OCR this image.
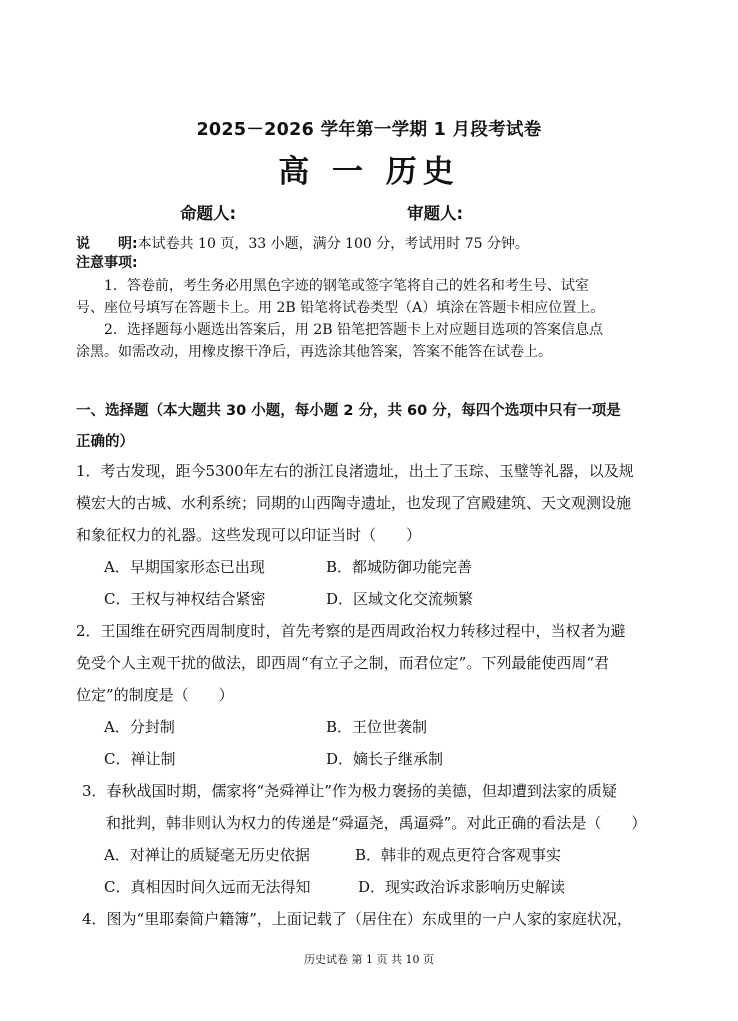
2025－2026 学年第一学期 1 月段考试卷
高 一 历史
命题人:	审题人:
说　　明:本试卷共 10 页，33 小题，满分 100 分，考试用时 75 分钟。
注意事项:
1．答卷前，考生务必用黑色字迹的钢笔或签字笔将自己的姓名和考生号、试室
号、座位号填写在答题卡上。用 2B 铅笔将试卷类型（A）填涂在答题卡相应位置上。
2．选择题每小题选出答案后，用 2B 铅笔把答题卡上对应题目选项的答案信息点
涂黑。如需改动，用橡皮擦干净后，再选涂其他答案，答案不能答在试卷上。
一、选择题（本大题共 30 小题，每小题 2 分，共 60 分，每四个选项中只有一项是
正确的）
1．考古发现，距今5300年左右的浙江良渚遗址，出土了玉琮、玉璧等礼器，以及规
模宏大的古城、水利系统；同期的山西陶寺遗址，也发现了宫殿建筑、天文观测设施
和象征权力的礼器。这些发现可以印证当时（　　）
A．早期国家形态已出现	B．都城防御功能完善
C．王权与神权结合紧密	D．区域文化交流频繁
2．王国维在研究西周制度时，首先考察的是西周政治权力转移过程中，当权者为避
免受个人主观干扰的做法，即西周“有立子之制，而君位定”。下列最能使西周“君
位定”的制度是（　　）
A．分封制	B．王位世袭制
C．禅让制	D．嫡长子继承制
3．春秋战国时期，儒家将“尧舜禅让”作为极力褒扬的美德，但却遭到法家的质疑
和批判，韩非则认为权力的传递是“舜逼尧，禹逼舜”。对此正确的看法是（　　）
A．对禅让的质疑毫无历史依据	B．韩非的观点更符合客观事实
C．真相因时间久远而无法得知	D．现实政治诉求影响历史解读
4．图为“里耶秦简户籍簿”，上面记载了（居住在）东成里的一户人家的家庭状况，
历史试卷 第 1 页 共 10 页
